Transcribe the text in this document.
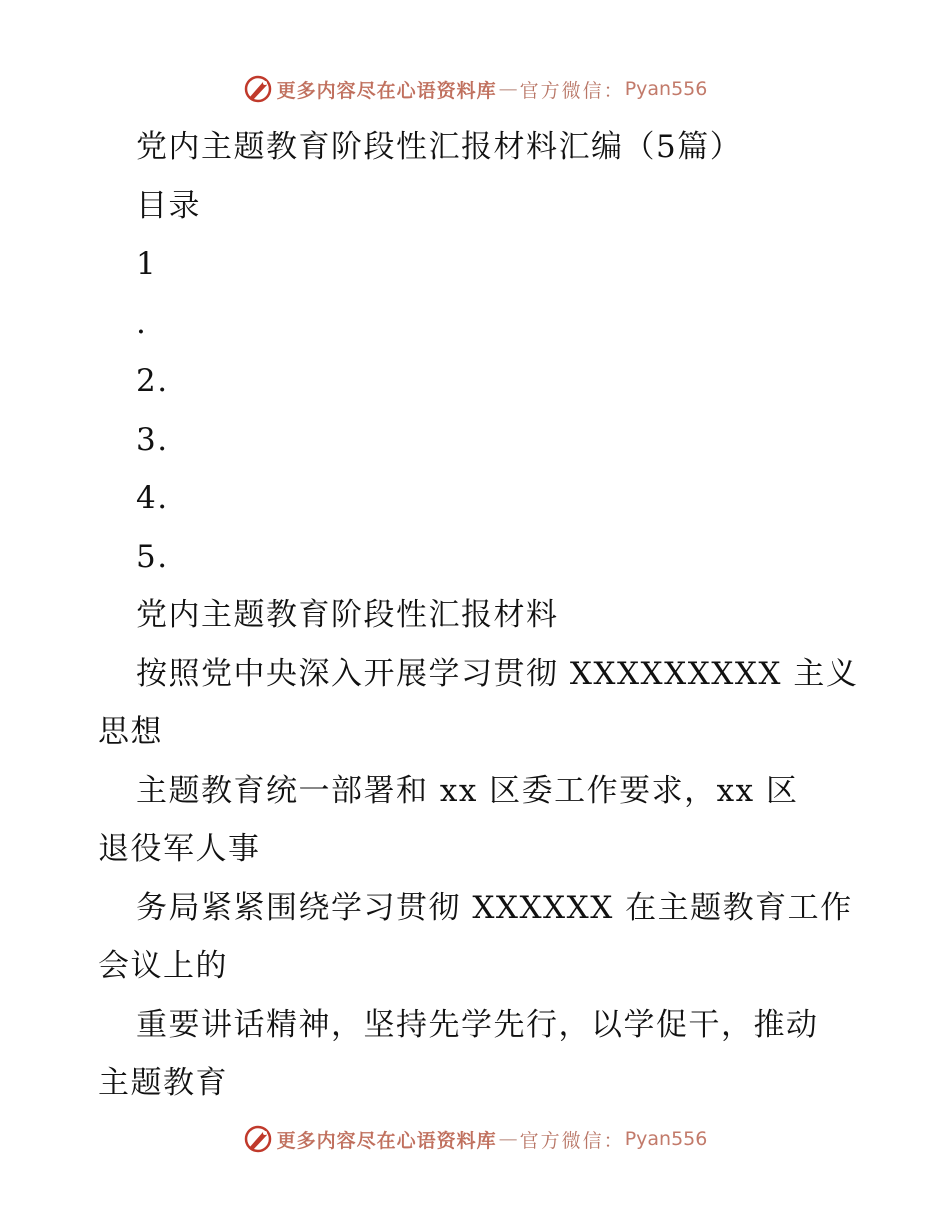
更多内容尽在心语资料库 — 官方微信： Pyan556
党内主题教育阶段性汇报材料汇编（5篇）
目录
1
.
2.
3.
4.
5.
党内主题教育阶段性汇报材料
按照党中央深入开展学习贯彻 XXXXXXXXX 主义
思想
主题教育统一部署和 xx 区委工作要求，xx 区
退役军人事
务局紧紧围绕学习贯彻 XXXXXX 在主题教育工作
会议上的
重要讲话精神，坚持先学先行，以学促干，推动
主题教育
更多内容尽在心语资料库 — 官方微信： Pyan556
